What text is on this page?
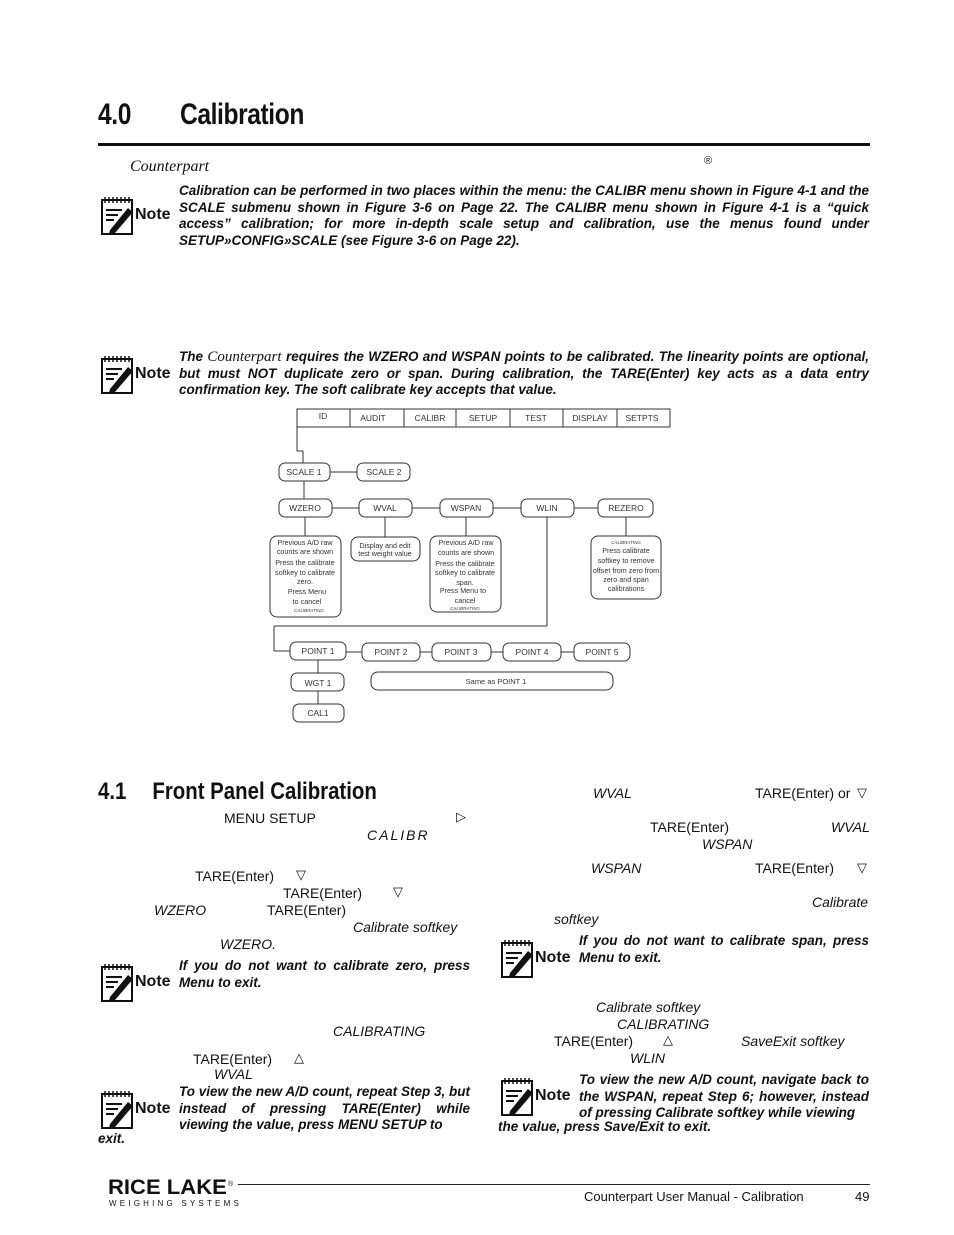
4.0 Calibration
Counterpart	®
Note
Calibration can be performed in two places within the menu: the CALIBR menu shown in Figure 4-1 and the SCALE submenu shown in Figure 3-6 on Page 22. The CALIBR menu shown in Figure 4-1 is a “quick access” calibration; for more in-depth scale setup and calibration, use the menus found under SETUP»CONFIG»SCALE (see Figure 3-6 on Page 22).
Note
The Counterpart requires the WZERO and WSPAN points to be calibrated. The linearity points are optional, but must NOT duplicate zero or span. During calibration, the TARE(Enter) key acts as a data entry confirmation key. The soft calibrate key accepts that value.
ID	AUDIT	CALIBR	SETUP	TEST	DISPLAY SETPTS
SCALE 1	SCALE 2
WZERO	WVAL	WSPAN	WLIN	REZERO
Previous A/D raw
counts are shown
Press the calibrate
softkey to calibrate
zero.
Press Menu
to cancel
CALIBRATING
Display and edit
test weight value
Previous A/D raw
counts are shown
Press the calibrate
softkey to calibrate
span.
Press Menu to
cancel
CALIBRATING
CALIBRATING
Press calibrate
softkey to remove
offset from zero from
zero and span
calibrations
POINT 1	POINT 2	POINT 3	POINT 4	POINT 5
WGT 1
CAL1
Same as POINT 1
4.1 Front Panel Calibration
MENU SETUP	▷
CALIBR
TARE(Enter) ▽
TARE(Enter) ▽
WZERO	TARE(Enter)
Calibrate softkey
WZERO.
Note
If you do not want to calibrate zero, press Menu to exit.
CALIBRATING
TARE(Enter) △
WVAL
Note
To view the new A/D count, repeat Step 3, but instead of pressing TARE(Enter) while viewing the value, press MENU SETUP to
exit.
WVAL	TARE(Enter) or ▽
TARE(Enter)	WVAL
WSPAN
WSPAN	TARE(Enter) ▽
Calibrate
softkey
Note
If you do not want to calibrate span, press Menu to exit.
Calibrate softkey
CALIBRATING
TARE(Enter) △	SaveExit softkey
WLIN
Note
To view the new A/D count, navigate back to the WSPAN, repeat Step 6; however, instead of pressing Calibrate softkey while viewing
the value, press Save/Exit to exit.
RICE LAKE ®
WEIGHING SYSTEMS	Counterpart User Manual - Calibration	49
